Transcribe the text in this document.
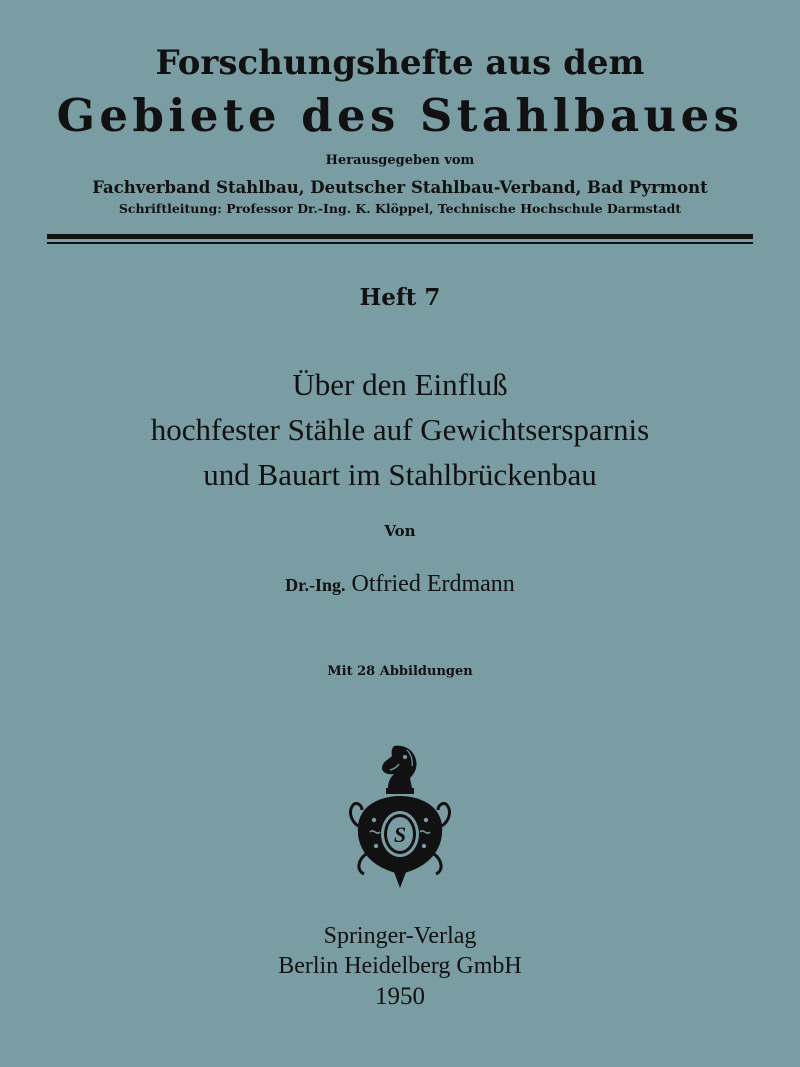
Forschungshefte aus dem
Gebiete des Stahlbaues
Herausgegeben vom
Fachverband Stahlbau, Deutscher Stahlbau-Verband, Bad Pyrmont
Schriftleitung: Professor Dr.-Ing. K. Klöppel, Technische Hochschule Darmstadt
Heft 7
Über den Einfluß
hochfester Stähle auf Gewichtsersparnis
und Bauart im Stahlbrückenbau
Von
Dr.-Ing. Otfried Erdmann
Mit 28 Abbildungen
S
Springer-Verlag
Berlin Heidelberg GmbH
1950
